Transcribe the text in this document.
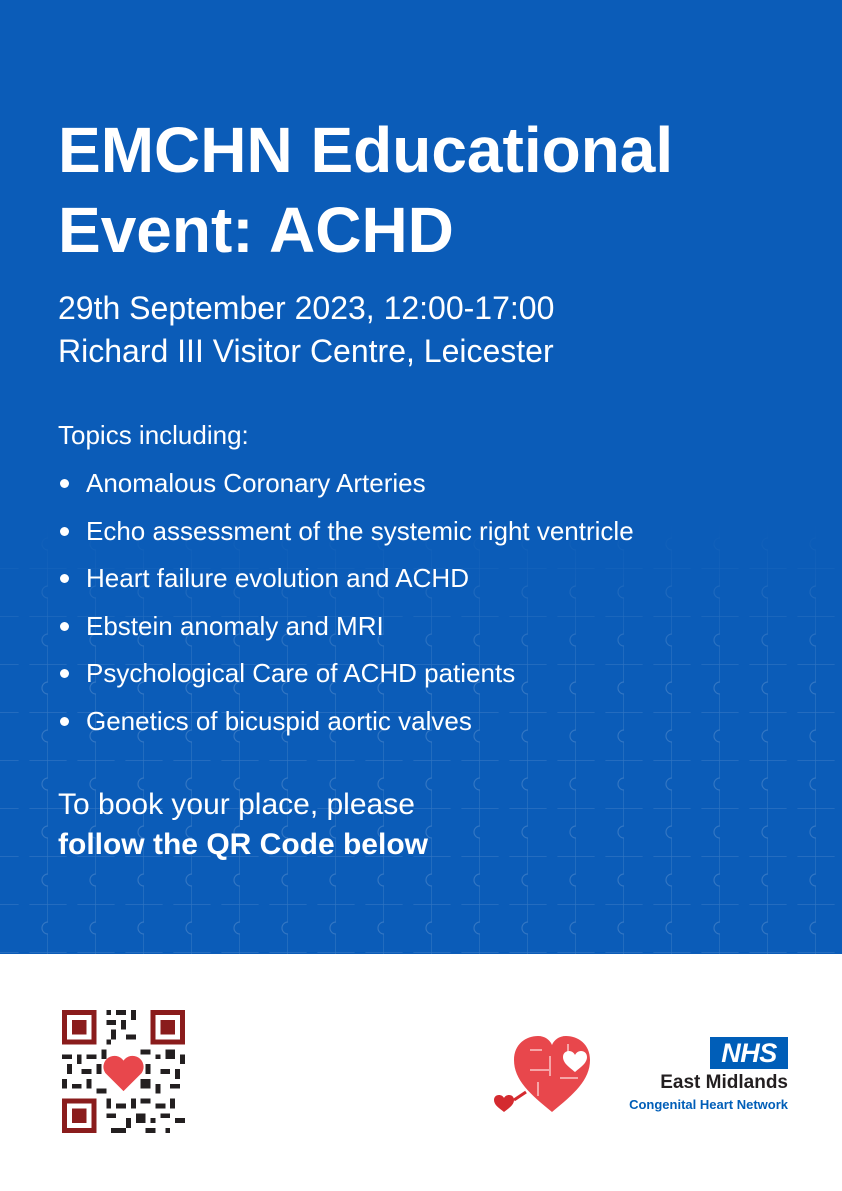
EMCHN Educational
Event: ACHD
29th September 2023, 12:00-17:00
Richard III Visitor Centre, Leicester
Topics including:
Anomalous Coronary Arteries
Echo assessment of the systemic right ventricle
Heart failure evolution and ACHD
Ebstein anomaly and MRI
Psychological Care of ACHD patients
Genetics of bicuspid aortic valves
To book your place, please
follow the QR Code below
NHS
East Midlands
Congenital Heart Network
